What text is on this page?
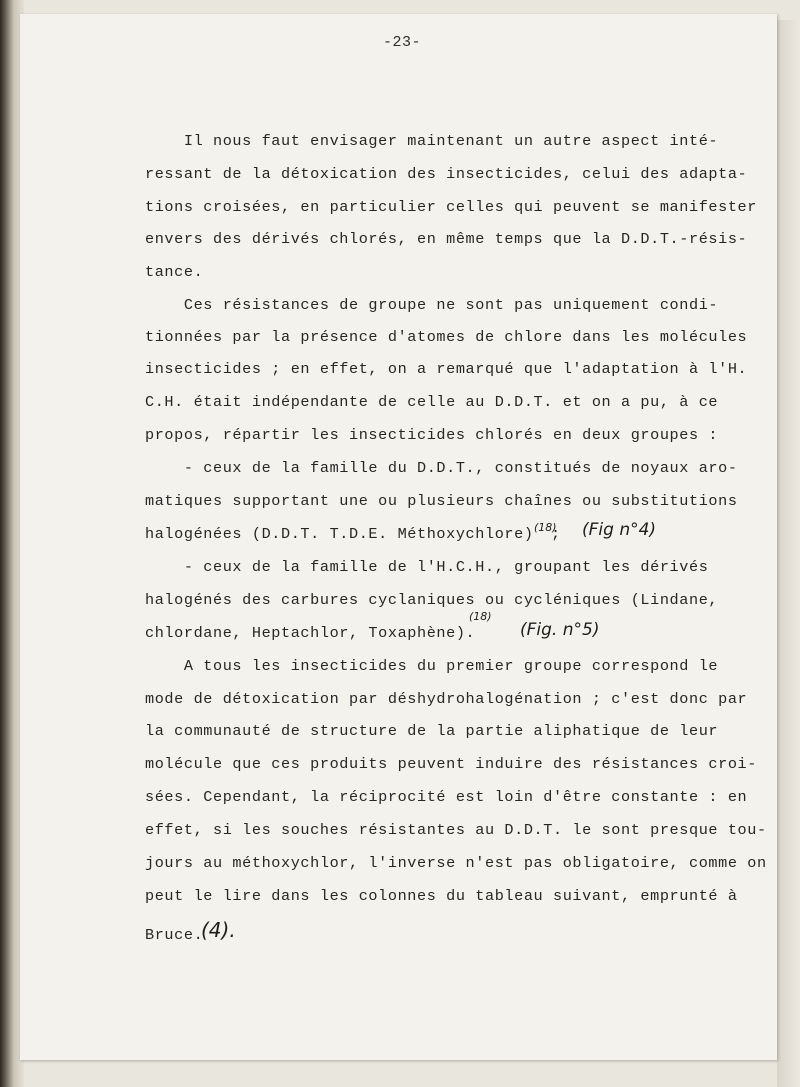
-23-
Il nous faut envisager maintenant un autre aspect inté-
ressant de la détoxication des insecticides, celui des adapta-
tions croisées, en particulier celles qui peuvent se manifester
envers des dérivés chlorés, en même temps que la D.D.T.-résis-
tance.
Ces résistances de groupe ne sont pas uniquement condi-
tionnées par la présence d'atomes de chlore dans les molécules
insecticides ; en effet, on a remarqué que l'adaptation à l'H.
C.H. était indépendante de celle au D.D.T. et on a pu, à ce
propos, répartir les insecticides chlorés en deux groupes :
- ceux de la famille du D.D.T., constitués de noyaux aro-
matiques supportant une ou plusieurs chaînes ou substitutions
halogénées (D.D.T. T.D.E. Méthoxychlore) (18)
; (Fig n°4)
- ceux de la famille de l'H.C.H., groupant les dérivés
halogénés des carbures cyclaniques ou cycléniques (Lindane,
chlordane, Heptachlor, Toxaphène).
(18)
(Fig. n°5)
A tous les insecticides du premier groupe correspond le
mode de détoxication par déshydrohalogénation ; c'est donc par
la communauté de structure de la partie aliphatique de leur
molécule que ces produits peuvent induire des résistances croi-
sées. Cependant, la réciprocité est loin d'être constante : en
effet, si les souches résistantes au D.D.T. le sont presque tou-
jours au méthoxychlor, l'inverse n'est pas obligatoire, comme on
peut le lire dans les colonnes du tableau suivant, emprunté à
Bruce.
(4).
